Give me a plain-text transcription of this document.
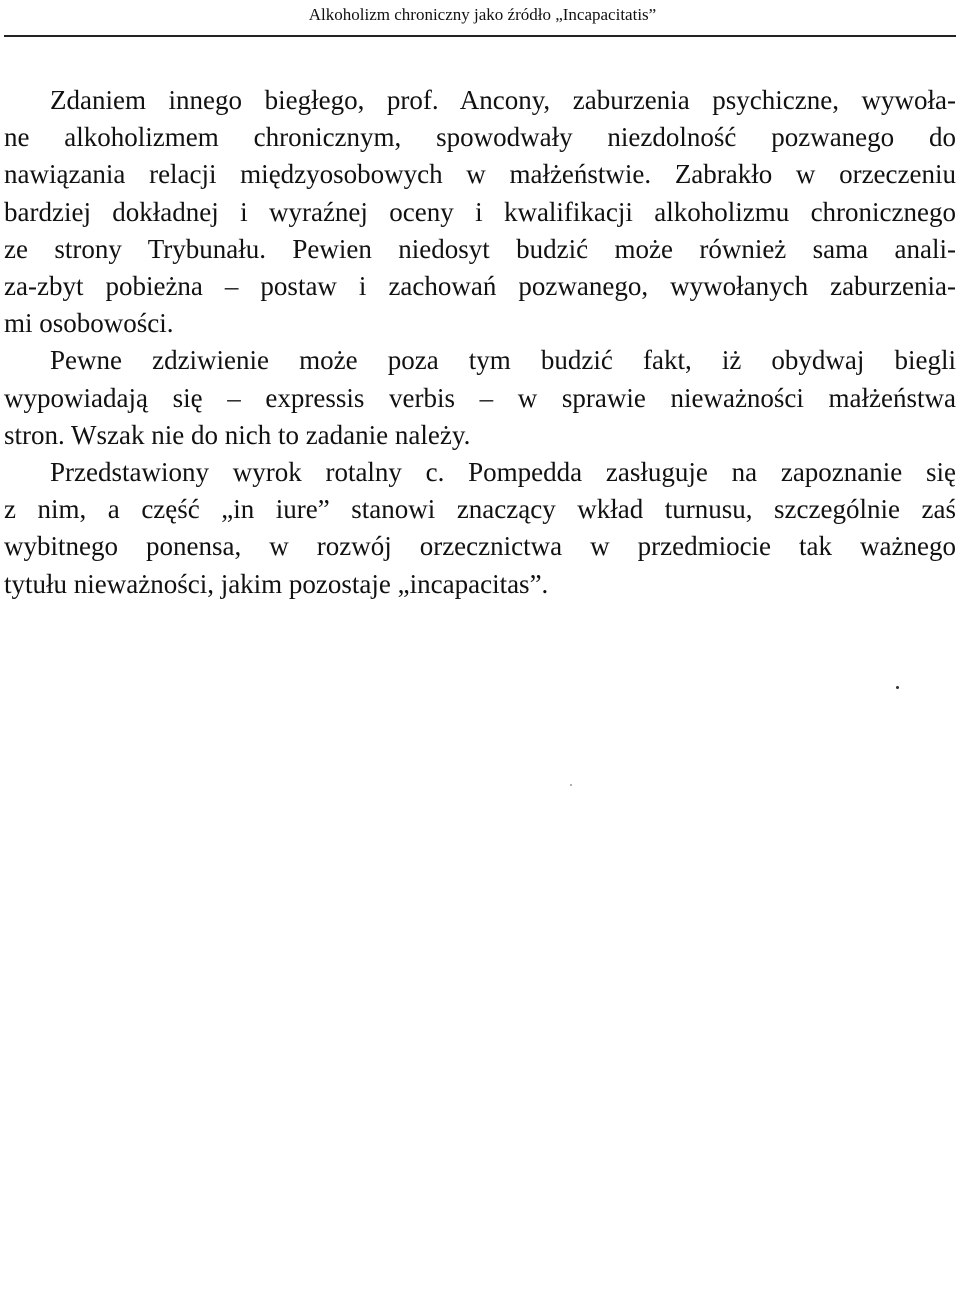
Alkoholizm chroniczny jako źródło „Incapacitatis”

Zdaniem innego biegłego, prof. Ancony, zaburzenia psychiczne, wywoła-
ne alkoholizmem chronicznym, spowodwały niezdolność pozwanego do
nawiązania relacji międzyosobowych w małżeństwie. Zabrakło w orzeczeniu
bardziej dokładnej i wyraźnej oceny i kwalifikacji alkoholizmu chronicznego
ze strony Trybunału. Pewien niedosyt budzić może również sama anali-
za-zbyt pobieżna – postaw i zachowań pozwanego, wywołanych zaburzenia-
mi osobowości.

Pewne zdziwienie może poza tym budzić fakt, iż obydwaj biegli
wypowiadają się – expressis verbis – w sprawie nieważności małżeństwa
stron. Wszak nie do nich to zadanie należy.

Przedstawiony wyrok rotalny c. Pompedda zasługuje na zapoznanie się
z nim, a część „in iure” stanowi znaczący wkład turnusu, szczególnie zaś
wybitnego ponensa, w rozwój orzecznictwa w przedmiocie tak ważnego
tytułu nieważności, jakim pozostaje „incapacitas”.
